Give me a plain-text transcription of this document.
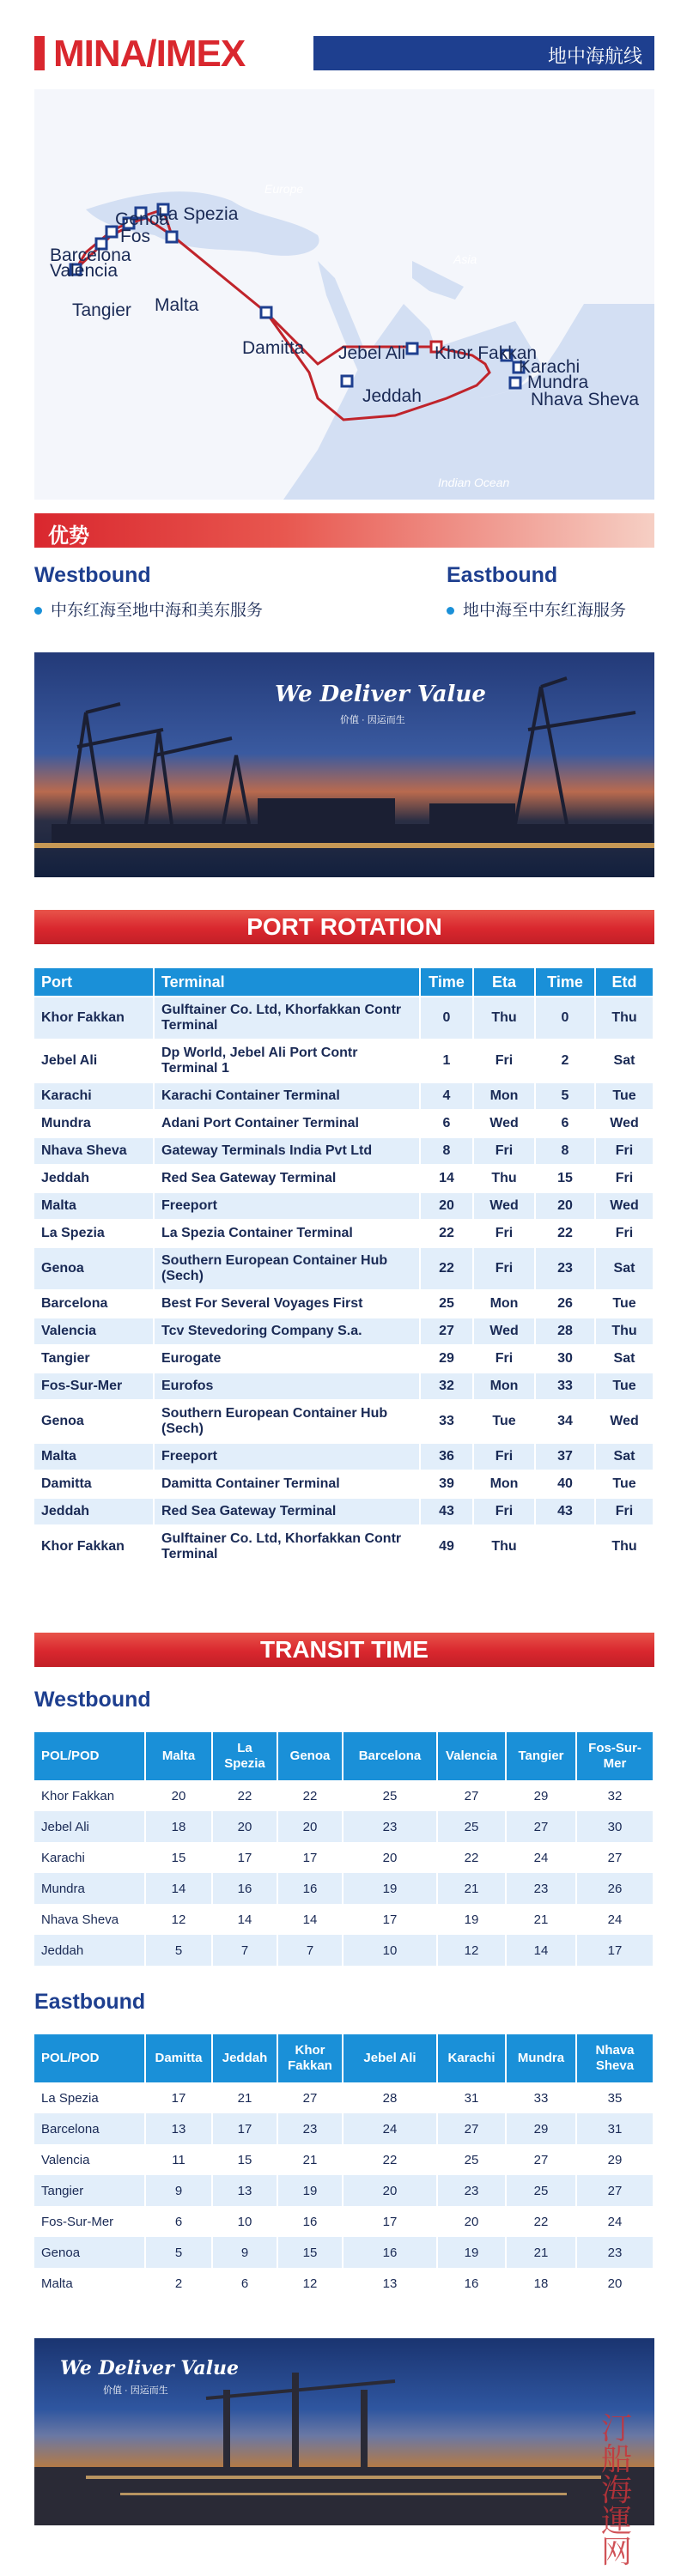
MINA/IMEX	地中海航线
Europe
Asia
Indian Ocean
Genoa
La Spezia
Fos
Barcelona
Valencia
Tangier Malta
Damitta Jebel Ali Khor Fakkan
Karachi
Mundra
Nhava Sheva
Jeddah
优势
Westbound
中东红海至地中海和美东服务
Eastbound
地中海至中东红海服务
We Deliver Value
价值 · 因运而生
PORT ROTATION
Port	Terminal	Time	Eta	Time	Etd
Khor Fakkan	Gulftainer Co. Ltd, Khorfakkan Contr Terminal	0	Thu	0	Thu
Jebel Ali	Dp World, Jebel Ali Port Contr Terminal 1	1	Fri	2	Sat
Karachi	Karachi Container Terminal	4	Mon	5	Tue
Mundra	Adani Port Container Terminal	6	Wed	6	Wed
Nhava Sheva	Gateway Terminals India Pvt Ltd	8	Fri	8	Fri
Jeddah	Red Sea Gateway Terminal	14	Thu	15	Fri
Malta	Freeport	20	Wed	20	Wed
La Spezia	La Spezia Container Terminal	22	Fri	22	Fri
Genoa	Southern European Container Hub (Sech)	22	Fri	23	Sat
Barcelona	Best For Several Voyages First	25	Mon	26	Tue
Valencia	Tcv Stevedoring Company S.a.	27	Wed	28	Thu
Tangier	Eurogate	29	Fri	30	Sat
Fos-Sur-Mer	Eurofos	32	Mon	33	Tue
Genoa	Southern European Container Hub (Sech)	33	Tue	34	Wed
Malta	Freeport	36	Fri	37	Sat
Damitta	Damitta Container Terminal	39	Mon	40	Tue
Jeddah	Red Sea Gateway Terminal	43	Fri	43	Fri
Khor Fakkan	Gulftainer Co. Ltd, Khorfakkan Contr Terminal	49	Thu		Thu
TRANSIT TIME
Westbound
POL/POD	Malta	La Spezia	Genoa	Barcelona	Valencia	Tangier	Fos-Sur-Mer
Khor Fakkan	20	22	22	25	27	29	32
Jebel Ali	18	20	20	23	25	27	30
Karachi	15	17	17	20	22	24	27
Mundra	14	16	16	19	21	23	26
Nhava Sheva	12	14	14	17	19	21	24
Jeddah	5	7	7	10	12	14	17
Eastbound
POL/POD	Damitta	Jeddah	Khor Fakkan	Jebel Ali	Karachi	Mundra	Nhava Sheva
La Spezia	17	21	27	28	31	33	35
Barcelona	13	17	23	24	27	29	31
Valencia	11	15	21	22	25	27	29
Tangier	9	13	19	20	23	25	27
Fos-Sur-Mer	6	10	16	17	20	22	24
Genoa	5	9	15	16	19	21	23
Malta	2	6	12	13	16	18	20
We Deliver Value
价值 · 因运而生
汀
船
海
運
网
